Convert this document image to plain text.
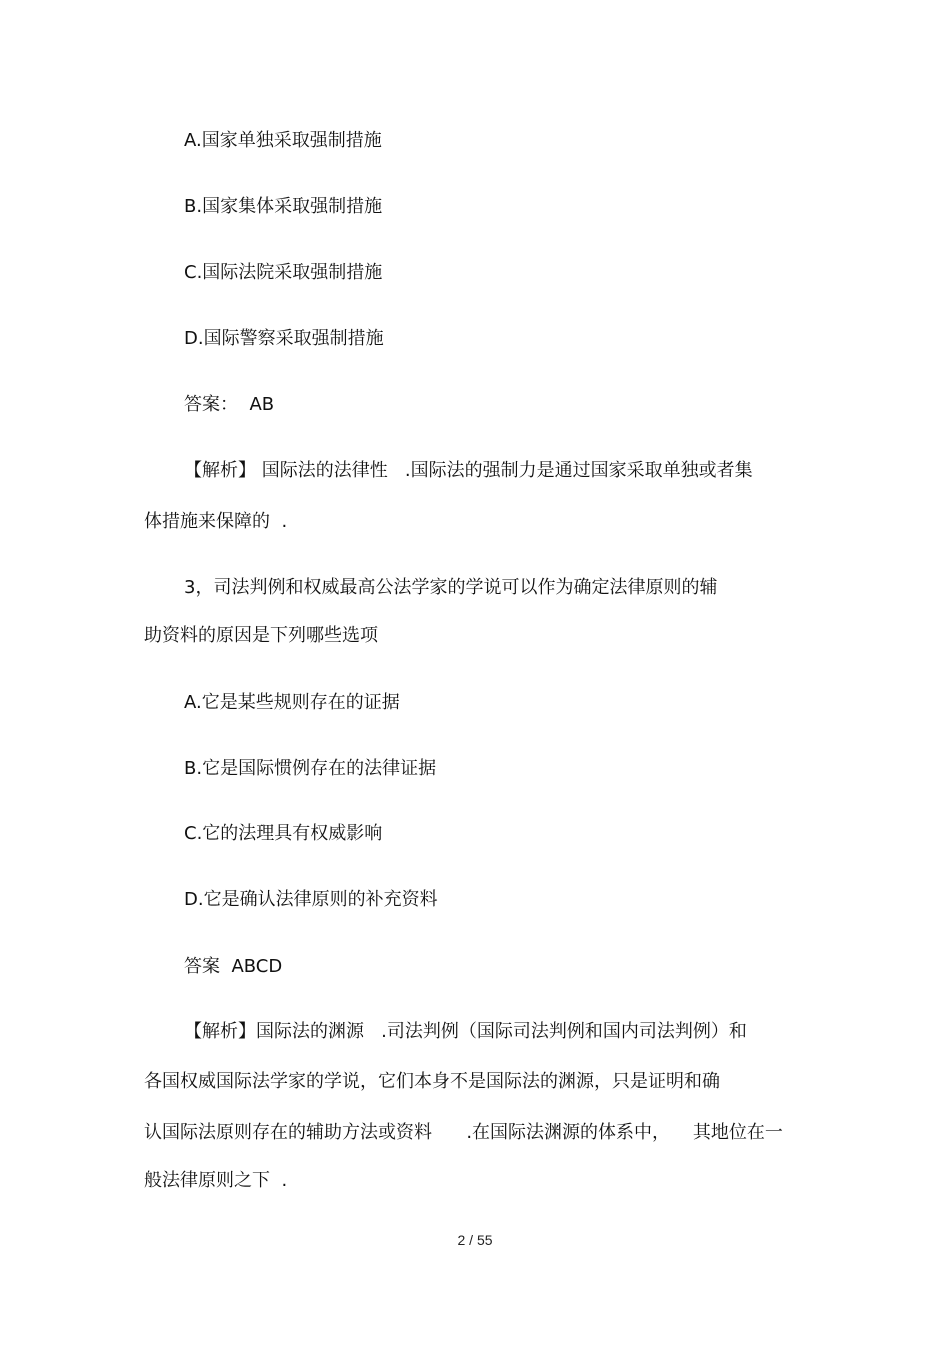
A.国家单独采取强制措施
B.国家集体采取强制措施
C.国际法院采取强制措施
D.国际警察采取强制措施
答案：  AB
【解析】 国际法的法律性   .国际法的强制力是通过国家采取单独或者集
体措施来保障的  .
3，司法判例和权威最高公法学家的学说可以作为确定法律原则的辅
助资料的原因是下列哪些选项
A.它是某些规则存在的证据
B.它是国际惯例存在的法律证据
C.它的法理具有权威影响
D.它是确认法律原则的补充资料
答案  ABCD
【解析】国际法的渊源   .司法判例（国际司法判例和国内司法判例）和
各国权威国际法学家的学说，它们本身不是国际法的渊源，只是证明和确
认国际法原则存在的辅助方法或资料      .在国际法渊源的体系中，    其地位在一
般法律原则之下  .
2 / 55
